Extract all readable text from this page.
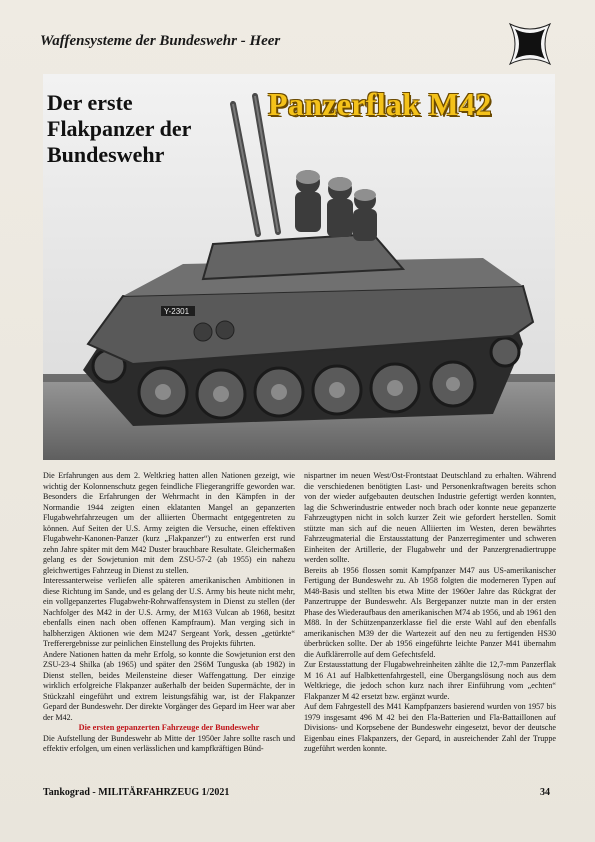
Waffensysteme der Bundeswehr - Heer
Y-2301
Der erste
Flakpanzer der
Bundeswehr
Panzerflak M42

Die Erfahrungen aus dem 2. Weltkrieg hatten allen Nationen gezeigt, wie wichtig der Kolonnenschutz gegen feindliche Fliegerangriffe geworden war. Besonders die Erfahrungen der Wehrmacht in den Kämpfen in der Normandie 1944 zeigten einen eklatanten Mangel an gepanzerten Flugabwehrfahrzeugen um der alliierten Übermacht entgegentreten zu können. Auf Seiten der U.S. Army zeigten die Versuche, einen effektiven Flugabwehr-Kanonen-Panzer (kurz „Flakpanzer“) zu entwerfen erst rund zehn Jahre später mit dem M42 Duster brauchbare Resultate. Gleichermaßen gelang es der Sowjetunion mit dem ZSU-57-2 (ab 1955) ein nahezu gleichwertiges Fahrzeug in Dienst zu stellen.

Interessanterweise verliefen alle späteren amerikanischen Ambitionen in diese Richtung im Sande, und es gelang der U.S. Army bis heute nicht mehr, ein vollgepanzertes Flugabwehr-Rohrwaffensystem in Dienst zu stellen (der Nachfolger des M42 in der U.S. Army, der M163 Vulcan ab 1968, besitzt ebenfalls einen nach oben offenen Kampfraum). Man verging sich in halbherzigen Aktionen wie dem M247 Sergeant York, dessen „getürkte“ Trefferergebnisse zur peinlichen Einstellung des Projekts führten.

Andere Nationen hatten da mehr Erfolg, so konnte die Sowjetunion erst den ZSU-23-4 Shilka (ab 1965) und später den 2S6M Tunguska (ab 1982) in Dienst stellen, beides Meilensteine dieser Waffengattung. Der einzige wirklich erfolgreiche Flakpanzer außerhalb der beiden Supermächte, der in Stückzahl eingeführt und extrem leistungsfähig war, ist der Flakpanzer Gepard der Bundeswehr. Der direkte Vorgänger des Gepard im Heer war aber der M42.

Die ersten gepanzerten Fahrzeuge der Bundeswehr

Die Aufstellung der Bundeswehr ab Mitte der 1950er Jahre sollte rasch und effektiv erfolgen, um einen verlässlichen und kampfkräftigen Bünd-

nispartner im neuen West/Ost-Frontstaat Deutschland zu erhalten. Während die verschiedenen benötigten Last- und Personenkraftwagen bereits schon von der wieder aufgebauten deutschen Industrie gefertigt werden konnten, lag die Schwerindustrie entweder noch brach oder konnte neue gepanzerte Fahrzeugtypen nicht in solch kurzer Zeit wie gefordert herstellen. Somit stützte man sich auf die neuen Alliierten im Westen, deren bewährtes Fahrzeugmaterial die Erstausstattung der Panzerregimenter und schweren Einheiten der Artillerie, der Flugabwehr und der Panzergrenadiertruppe werden sollte.

Bereits ab 1956 flossen somit Kampfpanzer M47 aus US-amerikanischer Fertigung der Bundeswehr zu. Ab 1958 folgten die moderneren Typen auf M48-Basis und stellten bis etwa Mitte der 1960er Jahre das Rückgrat der Panzertruppe der Bundeswehr. Als Bergepanzer nutzte man in der ersten Phase des Wiederaufbaus den amerikanischen M74 ab 1956, und ab 1961 den M88. In der Schützenpanzerklasse fiel die erste Wahl auf den ebenfalls amerikanischen M39 der die Wartezeit auf den neu zu fertigenden HS30 überbrücken sollte. Der ab 1956 eingeführte leichte Panzer M41 übernahm die Aufklärerrolle auf dem Gefechtsfeld.

Zur Erstausstattung der Flugabwehreinheiten zählte die 12,7-mm Panzerflak M 16 A1 auf Halbkettenfahrgestell, eine Übergangslösung noch aus dem Weltkriege, die jedoch schon kurz nach ihrer Einführung vom „echten“ Flakpanzer M 42 ersetzt bzw. ergänzt wurde.

Auf dem Fahrgestell des M41 Kampfpanzers basierend wurden von 1957 bis 1979 insgesamt 496 M 42 bei den Fla-Batterien und Fla-Battaillonen auf Divisions- und Korpsebene der Bundeswehr eingesetzt, bevor der deutsche Eigenbau eines Flakpanzers, der Gepard, in ausreichender Zahl der Truppe zugeführt werden konnte.

Tankograd - MILITÄRFAHRZEUG 1/2021	34
